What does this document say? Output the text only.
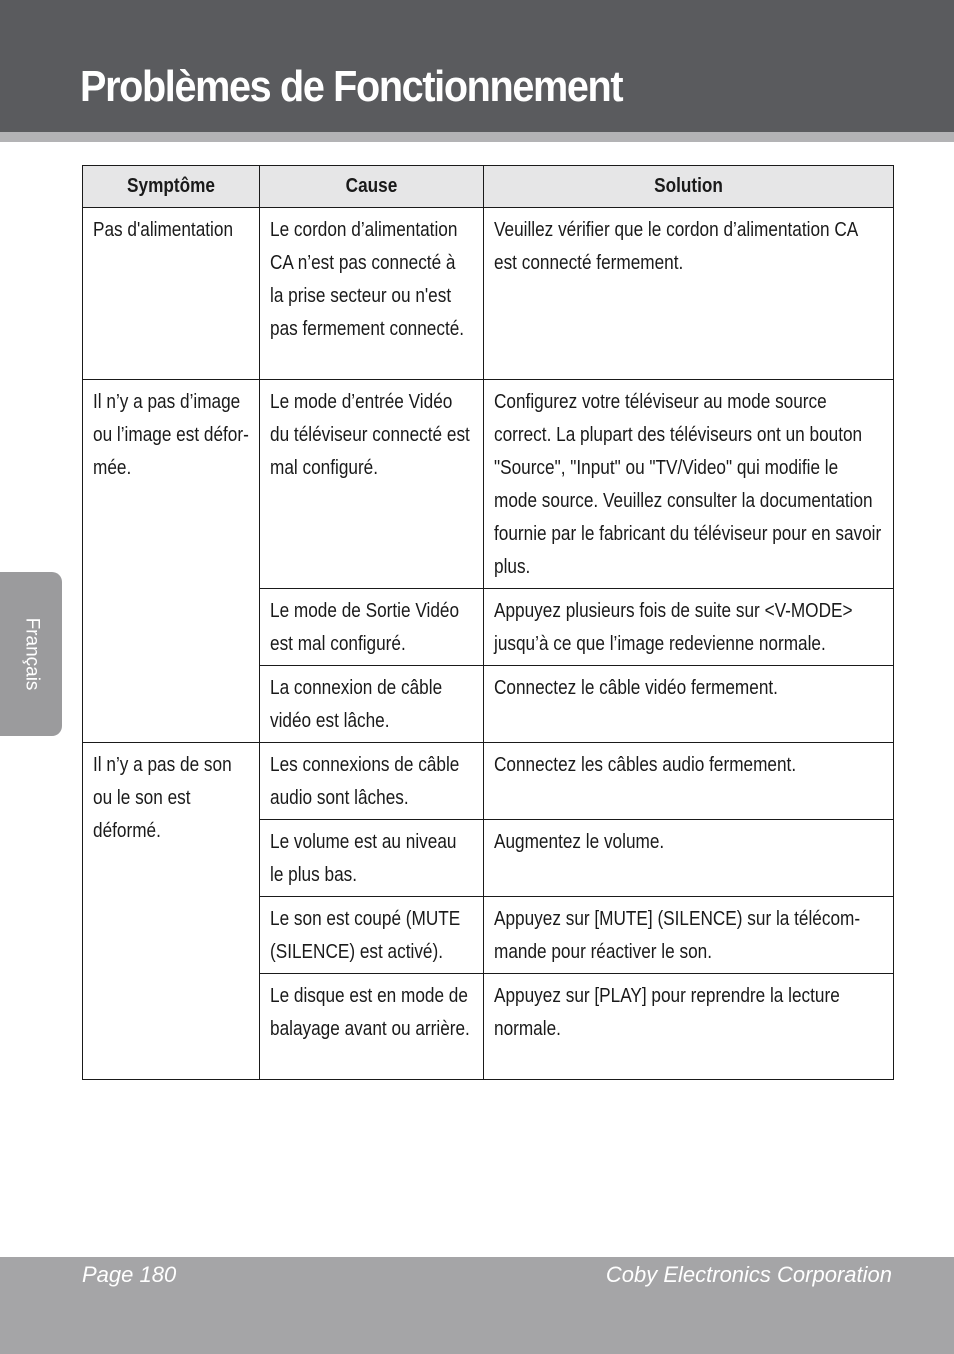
Problèmes de Fonctionnement
Français
Symptôme	Cause	Solution

Pas d'alimentation	Le cordon d’alimentation CA n’est pas connecté à la prise secteur ou n'est pas fermement connecté.	Veuillez vérifier que le cordon d’alimentation CA est connecté fermement.

Il n’y a pas d’image ou l’image est défor- mée.	Le mode d’entrée Vidéo du téléviseur connecté est mal configuré.	Configurez votre téléviseur au mode source correct. La plupart des téléviseurs ont un bouton "Source", "Input" ou "TV/Video" qui modifie le mode source. Veuillez consulter la documentation fournie par le fabricant du téléviseur pour en savoir plus.

	Le mode de Sortie Vidéo est mal configuré.	Appuyez plusieurs fois de suite sur <V-MODE> jusqu’à ce que l’image redevienne normale.

	La connexion de câble vidéo est lâche.	Connectez le câble vidéo fermement.

Il n’y a pas de son ou le son est déformé.	Les connexions de câble audio sont lâches.	Connectez les câbles audio fermement.

	Le volume est au niveau le plus bas.	Augmentez le volume.

	Le son est coupé (MUTE (SILENCE) est activé).	Appuyez sur [MUTE] (SILENCE) sur la télécom- mande pour réactiver le son.

	Le disque est en mode de balayage avant ou arrière.	Appuyez sur [PLAY] pour reprendre la lecture normale.
Page 180	Coby Electronics Corporation
